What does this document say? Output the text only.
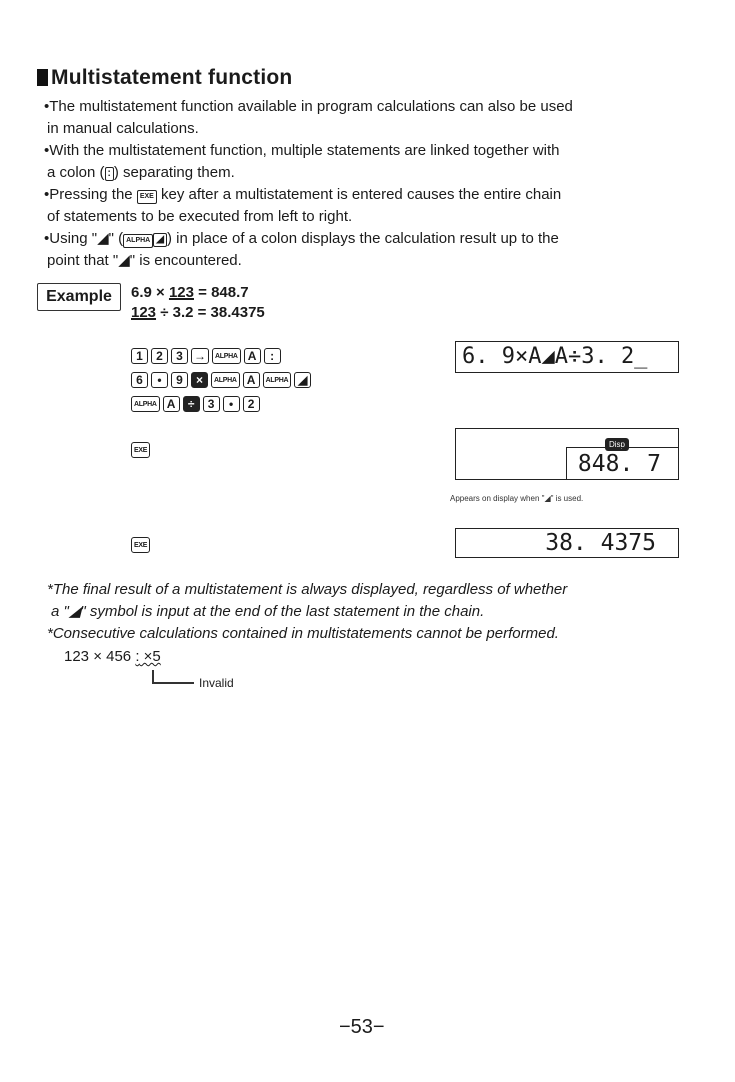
Multistatement function

•The multistatement function available in program calculations can also be used

in manual calculations.

•With the multistatement function, multiple statements are linked together with

a colon ( : ) separating them.

•Pressing the EXE key after a multistatement is entered causes the entire chain

of statements to be executed from left to right.

•Using "◢" ( ALPHA ◢ ) in place of a colon displays the calculation result up to the

point that "◢" is encountered.

Example 6.9 × 123 = 848.7
123 ÷ 3.2 = 38.4375
1	2	3 →	ALPHA A	:
6	•	9	×	ALPHA A	ALPHA ◢
ALPHA A	÷	3	•	2
6. 9×A◢A÷3. 2_
EXE
Disp
848. 7
Appears on display when "◢" is used.
EXE	38. 4375

*The final result of a multistatement is always displayed, regardless of whether

a "◢" symbol is input at the end of the last statement in the chain.

*Consecutive calculations contained in multistatements cannot be performed.

123 × 456 : ×5
Invalid
−53−
